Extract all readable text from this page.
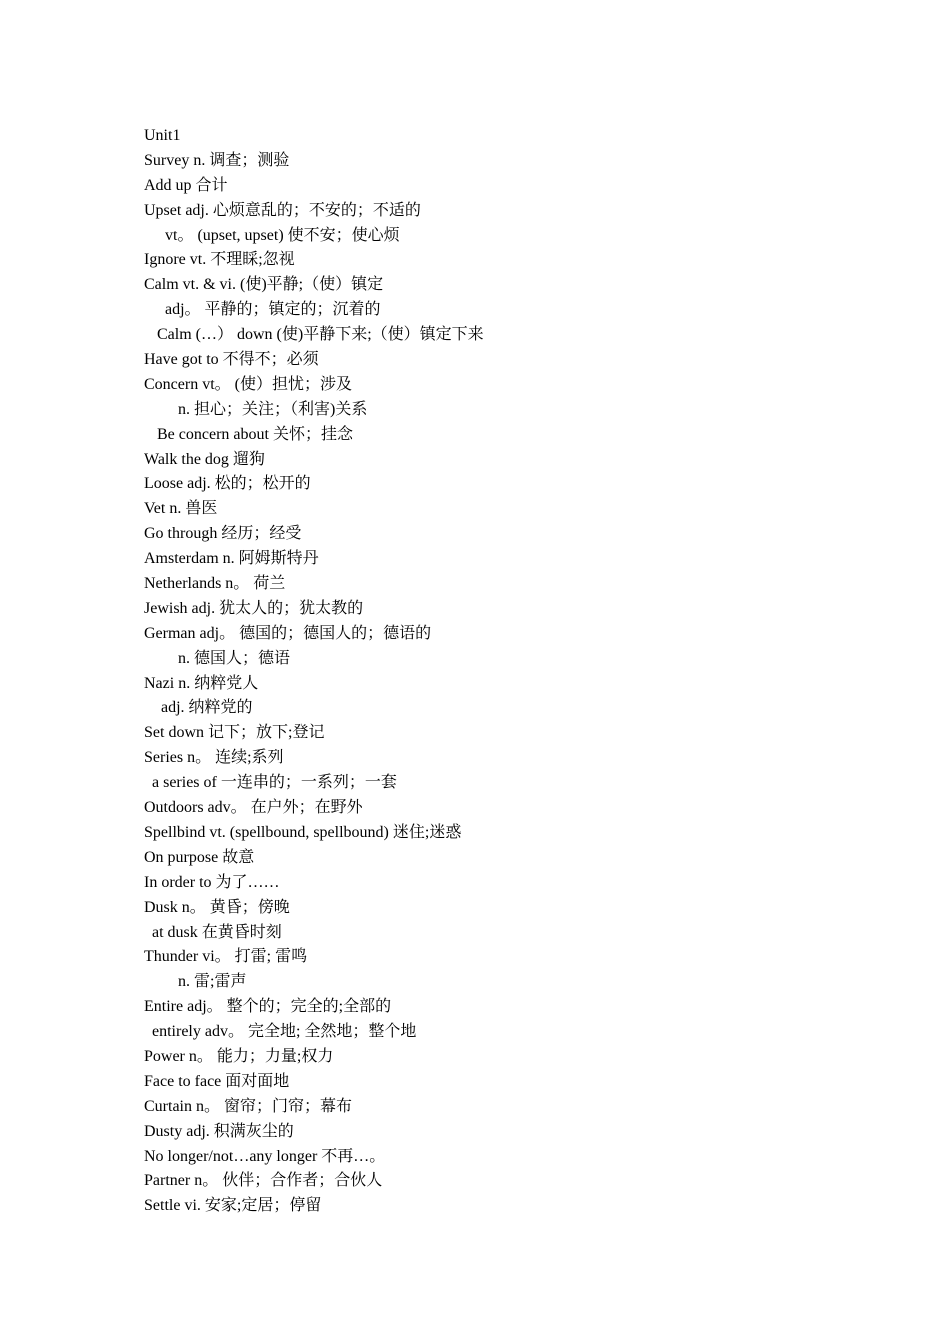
Unit1
Survey n. 调查；测验
Add up 合计
Upset adj. 心烦意乱的；不安的；不适的
vt。 (upset, upset) 使不安；使心烦
Ignore vt. 不理睬;忽视
Calm vt. & vi. (使)平静;（使）镇定
adj。 平静的；镇定的；沉着的
Calm (…） down (使)平静下来;（使）镇定下来
Have got to 不得不；必须
Concern vt。 (使）担忧；涉及
n. 担心；关注；（利害)关系
Be concern about 关怀；挂念
Walk the dog 遛狗
Loose adj. 松的；松开的
Vet n. 兽医
Go through 经历；经受
Amsterdam n. 阿姆斯特丹
Netherlands n。 荷兰
Jewish adj. 犹太人的；犹太教的
German adj。 德国的；德国人的；德语的
n. 德国人；德语
Nazi n. 纳粹党人
adj. 纳粹党的
Set down 记下；放下;登记
Series n。 连续;系列
a series of 一连串的；一系列；一套
Outdoors adv。 在户外；在野外
Spellbind vt. (spellbound, spellbound) 迷住;迷惑
On purpose 故意
In order to 为了……
Dusk n。 黄昏；傍晚
at dusk 在黄昏时刻
Thunder vi。 打雷; 雷鸣
n. 雷;雷声
Entire adj。 整个的；完全的;全部的
entirely adv。 完全地; 全然地；整个地
Power n。 能力；力量;权力
Face to face 面对面地
Curtain n。 窗帘；门帘；幕布
Dusty adj. 积满灰尘的
No longer/not…any longer 不再…。
Partner n。 伙伴；合作者；合伙人
Settle vi. 安家;定居；停留
